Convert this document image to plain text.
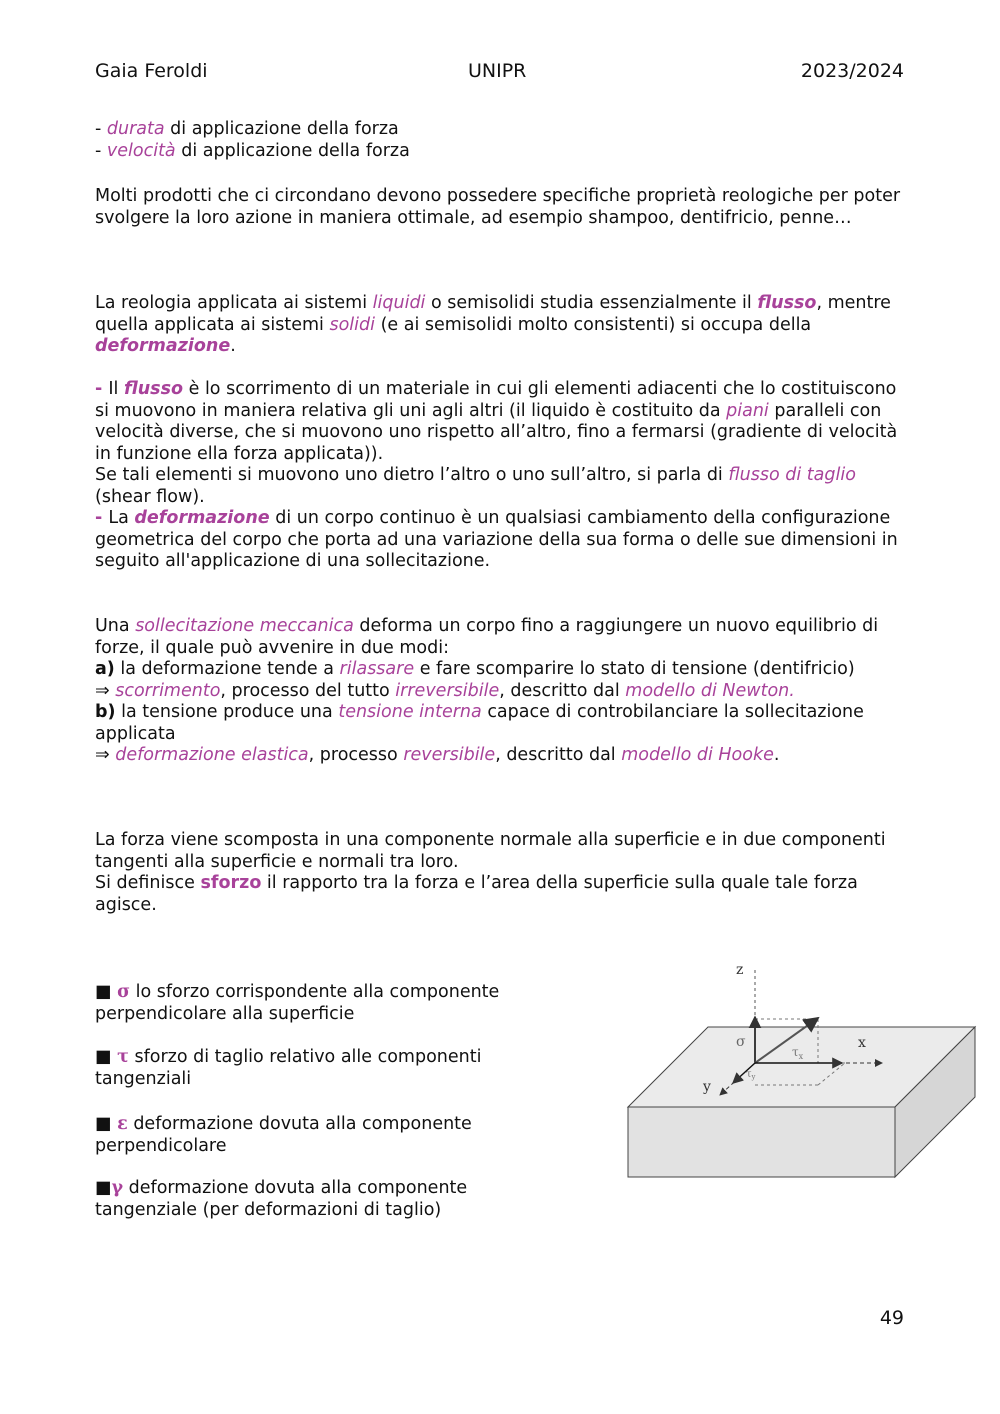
Gaia Feroldi	UNIPR	2023/2024
- durata di applicazione della forza
- velocità di applicazione della forza

Molti prodotti che ci circondano devono possedere specifiche proprietà reologiche per poter svolgere la loro azione in maniera ottimale, ad esempio shampoo, dentifricio, penne…

La reologia applicata ai sistemi liquidi o semisolidi studia essenzialmente il flusso, mentre quella applicata ai sistemi solidi (e ai semisolidi molto consistenti) si occupa della deformazione.

- Il flusso è lo scorrimento di un materiale in cui gli elementi adiacenti che lo costituiscono si muovono in maniera relativa gli uni agli altri (il liquido è costituito da piani paralleli con velocità diverse, che si muovono uno rispetto all’altro, fino a fermarsi (gradiente di velocità in funzione ella forza applicata)).
Se tali elementi si muovono uno dietro l’altro o uno sull’altro, si parla di flusso di taglio (shear flow).
- La deformazione di un corpo continuo è un qualsiasi cambiamento della configurazione geometrica del corpo che porta ad una variazione della sua forma o delle sue dimensioni in seguito all'applicazione di una sollecitazione.

Una sollecitazione meccanica deforma un corpo fino a raggiungere un nuovo equilibrio di forze, il quale può avvenire in due modi:
a) la deformazione tende a rilassare e fare scomparire lo stato di tensione (dentifricio)
⇒ scorrimento, processo del tutto irreversibile, descritto dal modello di Newton.
b) la tensione produce una tensione interna capace di controbilanciare la sollecitazione applicata
⇒ deformazione elastica, processo reversibile, descritto dal modello di Hooke.

La forza viene scomposta in una componente normale alla superficie e in due componenti tangenti alla superficie e normali tra loro.
Si definisce sforzo il rapporto tra la forza e l’area della superficie sulla quale tale forza agisce.

■ σ lo sforzo corrispondente alla componente perpendicolare alla superficie

■ τ sforzo di taglio relativo alle componenti tangenziali

■ ε deformazione dovuta alla componente perpendicolare

■γ deformazione dovuta alla componente tangenziale (per deformazioni di taglio)

z
x
y
σ
$\tau_x$
$\tau_y$
49
